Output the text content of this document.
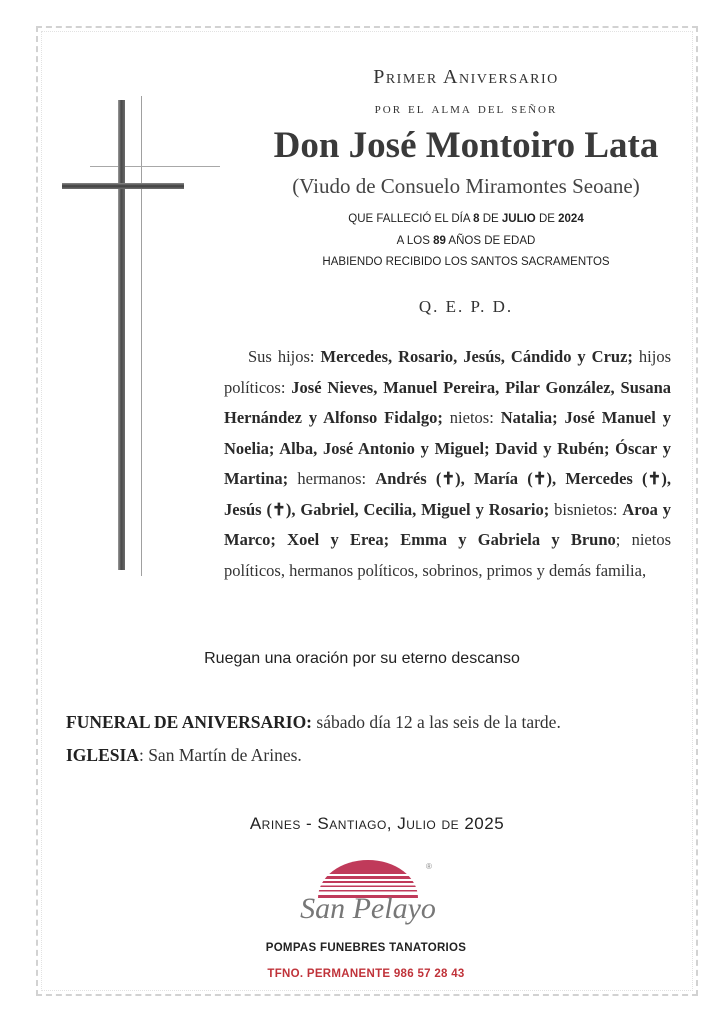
Primer Aniversario
por el alma del señor
Don José Montoiro Lata
(Viudo de Consuelo Miramontes Seoane)
QUE FALLECIÓ EL DÍA 8 DE JULIO DE 2024
A LOS 89 AÑOS DE EDAD
HABIENDO RECIBIDO LOS SANTOS SACRAMENTOS
Q. E. P. D.
Sus hijos: Mercedes, Rosario, Jesús, Cándido y Cruz; hijos políticos: José Nieves, Manuel Pereira, Pilar González, Susana Hernández y Alfonso Fidalgo; nietos: Natalia; José Manuel y Noelia; Alba, José Antonio y Miguel; David y Rubén; Óscar y Martina; hermanos: Andrés (✝), María (✝), Mercedes (✝), Jesús (✝), Gabriel, Cecilia, Miguel y Rosario; bisnietos: Aroa y Marco; Xoel y Erea; Emma y Gabriela y Bruno; nietos políticos, hermanos políticos, sobrinos, primos y demás familia,
Ruegan una oración por su eterno descanso
FUNERAL DE ANIVERSARIO: sábado día 12 a las seis de la tarde.
IGLESIA: San Martín de Arines.
Arines - Santiago, Julio de 2025
San Pelayo
®
POMPAS FUNEBRES TANATORIOS
TFNO. PERMANENTE 986 57 28 43
